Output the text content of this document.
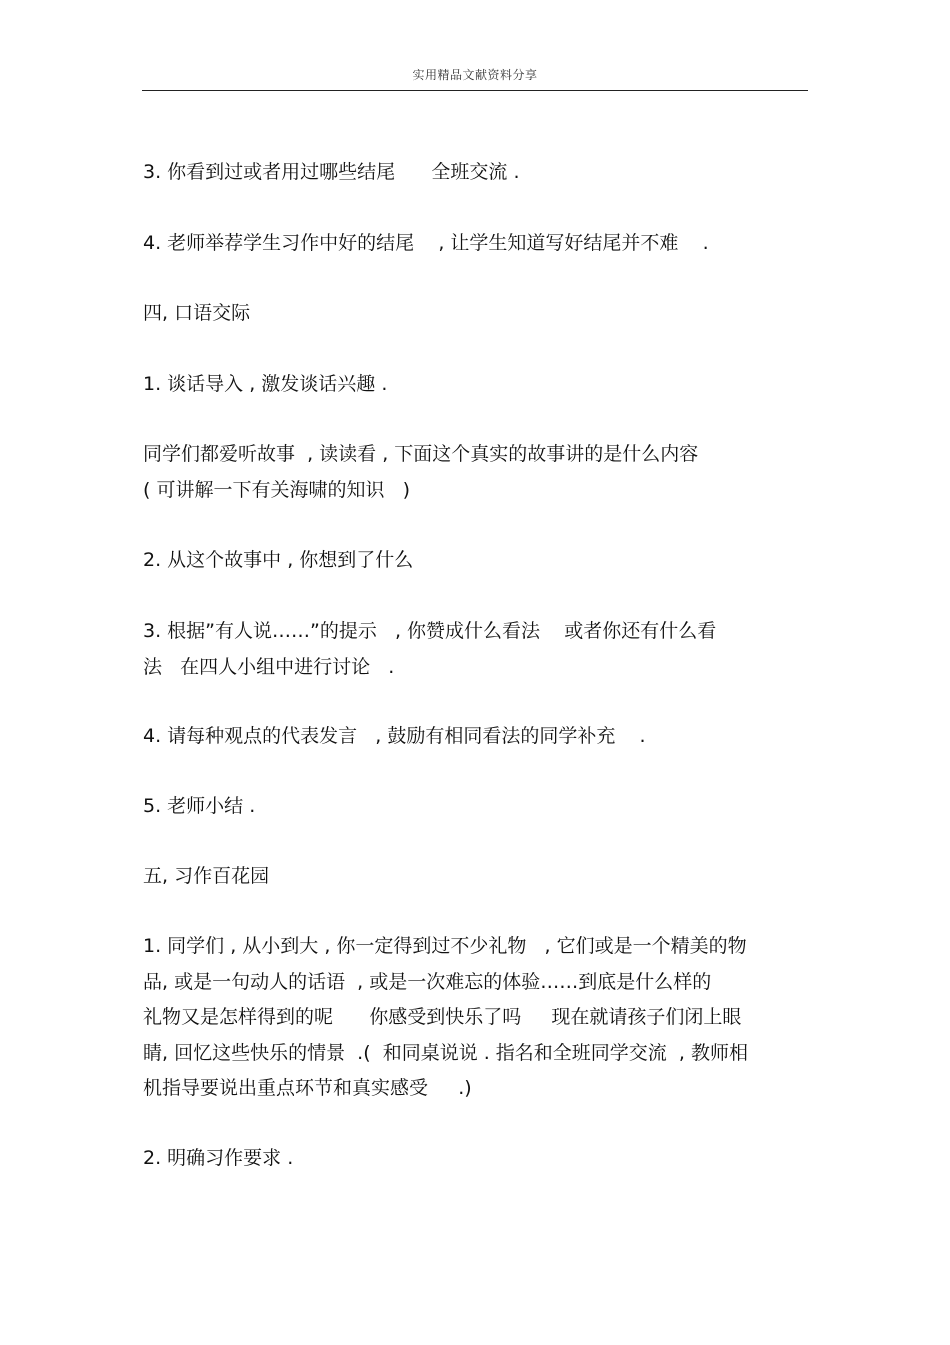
实用精品文献资料分享
3. 你看到过或者用过哪些结尾      全班交流 .
4. 老师举荐学生习作中好的结尾    , 让学生知道写好结尾并不难    .
四, 口语交际
1. 谈话导入 , 激发谈话兴趣 .
同学们都爱听故事  , 读读看 , 下面这个真实的故事讲的是什么内容
( 可讲解一下有关海啸的知识   )
2. 从这个故事中 , 你想到了什么
3. 根据”有人说……”的提示   , 你赞成什么看法    或者你还有什么看
法   在四人小组中进行讨论   .
4. 请每种观点的代表发言   , 鼓励有相同看法的同学补充    .
5. 老师小结 .
五, 习作百花园
1. 同学们 , 从小到大 , 你一定得到过不少礼物   , 它们或是一个精美的物
品, 或是一句动人的话语  , 或是一次难忘的体验……到底是什么样的
礼物又是怎样得到的呢      你感受到快乐了吗     现在就请孩子们闭上眼
睛, 回忆这些快乐的情景  .(  和同桌说说 . 指名和全班同学交流  , 教师相
机指导要说出重点环节和真实感受     .)
2. 明确习作要求 .
